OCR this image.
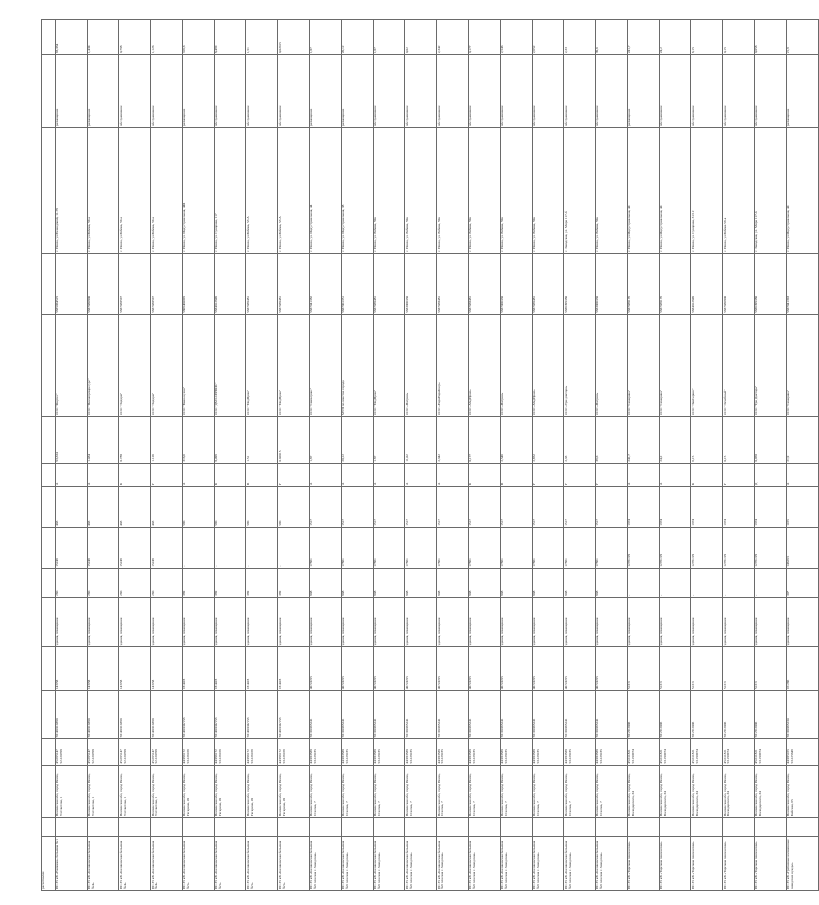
расчетными																
ПС 35 кВ «Ромашка» бельевая №1		Пензенская обл, город Пенза, Ул.Светлая, 1	45.055147 52.220708	58:40:010380	14:658	здания, помещения	260	15249	403	А	93,334	ООО "Фиртес"	5835064525	г. Пенза, ул.Роландовой, 11-79	размещение	93,334
ПС 35 кВ «Калиновская бельевая №4»		Пензенская обл, город Пенза, Ул.Светлая, 1	45.055147 52.220708	58:40:010380	14:658	здания, помещения	260	15249	403	А	1.434	ООО "Пензапромресурс"	5837036800	г. Пенза, ул.Рябова, 59-а	размещение	1,434
ПС 35 кВ «Калиновская бельевая №4»		Пензенская обл, город Пенза, Ул.Светлая, 1	45.055147 52.220708	58:40:010380	14:658	здания, помещения	260	15249	403	Б	0.788	ООО "Эндорм"	5837038597	г. Пенза, ул.Рябова, 59-а	обслуживание	0,788
ПС 35 кВ «Калиновская бельевая №4»		Пензенская обл, город Пенза, Ул.Светлая, 1	45.055147 52.220708	58:40:010380	14:658	здания, помещения	260	15249	403	Г	1.126	ООО "Эндорм"	5837038597	г. Пенза, ул.Рябова, 59-а	обслуживание	1,126
ПС 35 кВ «Калиновская бельевая №5»		Пензенская обл, город Пенза, Гагарина, 20	44.996172 53.226169	58:40:034/153	18:44:8	здания, помещения	389	-	590	А	316,6	ООО "Ваша кухня"	5809400095	г. Пенза, ул. Индустриальная, 44Б	размещение	316,6
ПС 35 кВ «Калиновская бельевая №5»		Пензенская обл, город Пенза, Гагарина, 20	44.996172 53.226169	58:40:034/153	18:44:8	здания, помещения	389	-	590	Б	8,499	ООО "ДМЗ-СЕРВИС"	5834012849	г. Пенза, ул. Суворова, 117	обслуживание	8,499
ПС 35 кВ «Калиновская бельевая №5»		Пензенская обл, город Пенза, Гагарина, 20	44.996172 53.226169	58:40:034/153	18:44:8	здания, помещения	389	-	590	В	1.51	ООО "МедПром"	5837039481	г. Пенза, ул.Рябова, 53 А	обслуживание	1,51
ПС 35 кВ «Калиновская бельевая №5»		Пензенская обл, город Пенза, Гагарина, 20	44.996172 53.226169	58:40:034/153	18:44:8	здания, помещения	389	-	590	Г	0.02015	ООО "МедПром"	5837039481	г. Пенза, ул.Рябова, 53 А	обслуживание	0,02015
ПС 35 кВ «Калиновская бельевая №6 плоская г. Заводская»		Пензенская обл, город Пенза, Стасова, 7	44.983588 53.228185	58:30:065241	40:5/4:95	здания, помещения	808	17861	1517	А	1,87	ООО "Связьтранс"	5837041382	г. Пенза, ул. Индустриальная, 44	размещение	1,87
ПС 35 кВ «Калиновская бельевая №6 плоская г. Заводская»		Пензенская обл, город Пенза, Стасова, 7	44.983588 53.228185	58:30:065241	40:5/4:95	здания, помещения	808	17861	1517	А	20,12	МУП по очистке города	5837001351	г. Пенза, ул. Индустриальная, 38	размещение	20,12
ПС 35 кВ «Калиновская бельевая №6 плоская г. Заводская»		Пензенская обл, город Пенза, Стасова, 7	44.983588 53.228185	58:30:065241	40:5/4:95	здания, помещения	808	17861	1517	А	1.87	ООО "МедПром"	5837039481	г. Пенза, ул. Рябова, 59в	обслуживание	1,87
ПС 35 кВ «Калиновская бельевая №6 плоская г. Заводская»		Пензенская обл, город Пенза, Стасова, 7	44.983588 53.228185	58:30:065241	40:5/4:95	здания, помещения	808	17861	1517	А	11,02	ООО «Нотрия»	5833006330	г. Пенза, ул. Рябова, 59в	обслуживание	0,02
ПС 35 кВ «Калиновская бельевая №6 плоская г. Заводская»		Пензенская обл, город Пенза, Стасова, 7	44.983588 53.228185	58:30:065241	40:5/4:95	здания, помещения	808	17861	1517	А	2,342	ООО «ЕвроЕвроКоср»	5837038481	г. Пенза, ул. Рябова, 59в	обслуживание	2,342
ПС 35 кВ «Калиновская бельевая №6 плоская г. Заводская»		Пензенская обл, город Пенза, Стасова, 7	44.983588 53.228185	58:30:065241	40:5/4:95	здания, помещения	808	17861	1517	Б	0,177	ООО «МедПром»	5837038481	г. Пенза, ул. Рябова, 59в	обслуживание	0,177
ПС 35 кВ «Калиновская бельевая №6 плоская г. Заводская»		Пензенская обл, город Пенза, Стасова, 7	44.983588 53.228185	58:30:065241	40:5/4:95	здания, помещения	808	17861	1517	В	2,546	ООО «Нотрия»	5837006330	г. Пенза, ул. Рябова, 59в	обслуживание	2,546
ПС 35 кВ «Калиновская бельевая №6 плоская г. Заводская»		Пензенская обл, город Пенза, Стасова, 7	44.983588 53.228185	58:30:065241	40:5/4:95	здания, помещения	808	17861	1517	Г	2,652	ООО «МедПром»	5837039481	г. Пенза, ул. Рябова, 59в	обслуживание	2,652
ПС 35 кВ «Калиновская бельевая №6 плоская г. Заводская»		Пензенская обл, город Пенза, Стасова, 7	44.983588 53.228185	58:30:065241	40:5/4:95	здания, помещения	808	17861	1517	Г	2,33	ООО «Три доктора»	5836399380	г. Заводская, ул. Мира 117-б	обслуживание	2,33
ПС 35 кВ «Калиновская бельевая №6 плоская г. Заводская»		Пензенская обл, город Пенза, Стасова, 7	44.983588 53.228185	58:30:065241	40:5/4:95	здания, помещения	808	17861	1517	Г	39,6	ООО «Нотрия»	5833006330	г. Пенза, ул. Рябова, 59в	обслуживание	39,6
ПС 35 кВ «Торговая пензенская»		Пензенская обл, город Пенза, Володарского, 34	45.011821 53.190974	58:29:2006	513:3	здания, помещения	-	12761/29	1374	А	241,7	ООО "Самарина"	5837039176	г. Пенза, ул.Индустриальная, 44	размещение	241,7
ПС 35 кВ «Торговая пензенская»		Пензенская обл, город Пенза, Володарского, 34	45.011821 53.190974	58:29:2006	513:3	здания, помещения	-	12761/29	1374	А	24,2	ООО "Самарина"	5837039176	г. Пенза, ул.Индустриальная, 44	обслуживание	24,2
ПС 35 кВ «Торговая пензенская»		Пензенская обл, город Пенза, Володарского, 34	45.011821 53.190974	58:29:2006	513:3	здания, помещения	-	12761/29	1374	Б	6,15	ООО "ЭкоСервис"	5834012849	г. Пенза, ул. Суворова, 31/12	обслуживание	6,15
ПС 35 кВ «Торговая пензенская»		Пензенская обл, город Пенза, Володарского, 34	45.011821 53.190974	58:29:2006	513:3	здания, помещения	-	12761/29	1374	Г	0,15	ООО "Лечебный"	5837036800	г. Пенза, ул.Рябова 59-а	обслуживание	0,15
ПС 35 кВ «Торговая пензенская»		Пензенская обл, город Пенза, Володарского, 34	45.011821 53.190974	58:29:2006	513:3	здания, помещения	-	12761/29	1374	Д	0,058	ООО "Три Доктора"	5836399380	г. Заводская, ул. Мира 117-б	обслуживание	0,058
ПС 35 кВ «Гребневые волоконные заводские нужды»		Пензенская обл, город Пенза, Бийская, 65	44.985165 53.225649	58:30:065234	16:266	здания, помещения	30*	14629/1	1165	А	21,9	ООО "Самарина"	5837041393	г. Пенза, ул.Индустриальная, 44	размещение	21,9
